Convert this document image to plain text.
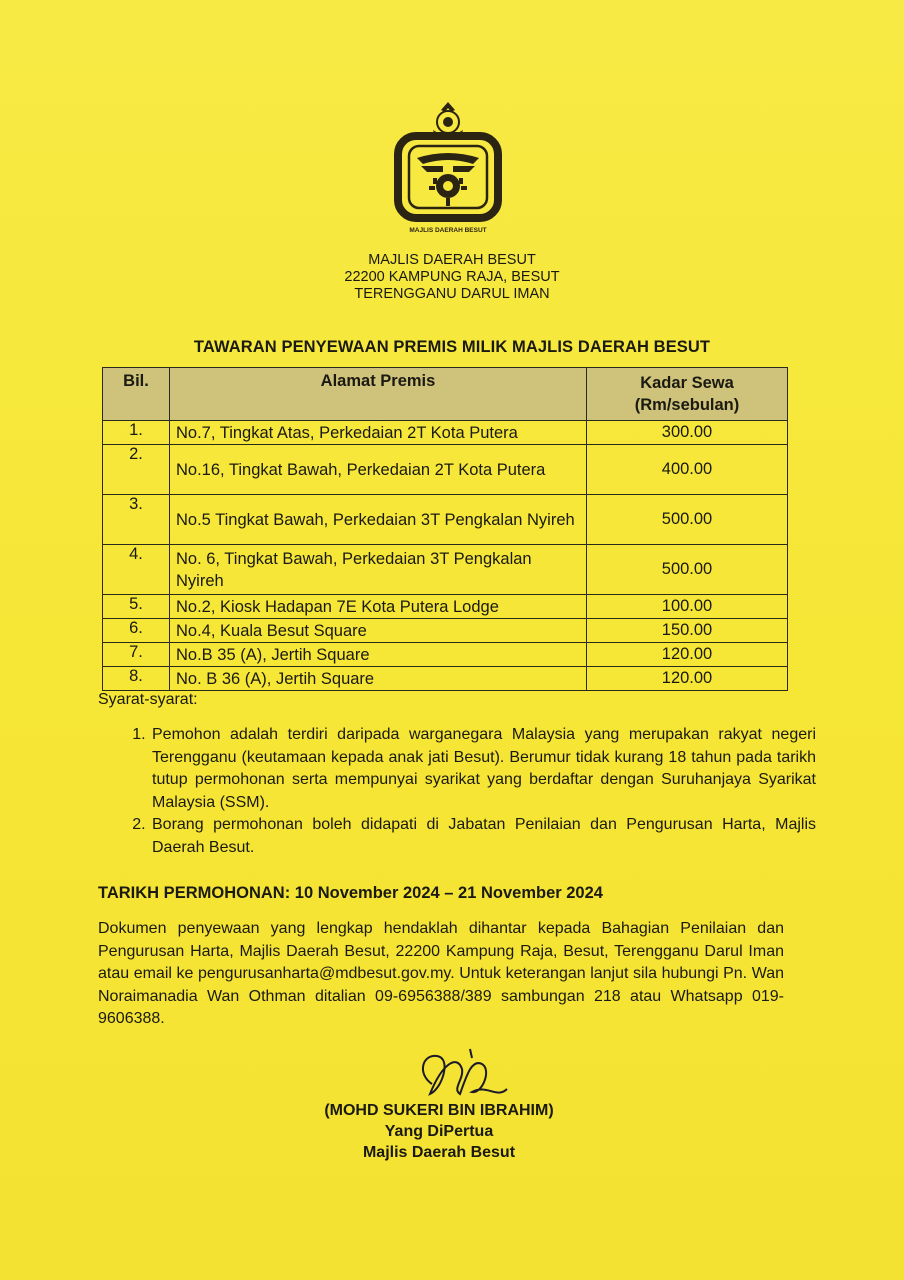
MAJLIS DAERAH BESUT
MAJLIS DAERAH BESUT
22200 KAMPUNG RAJA, BESUT
TERENGGANU DARUL IMAN
TAWARAN PENYEWAAN PREMIS MILIK MAJLIS DAERAH BESUT
Bil.	Alamat Premis	Kadar Sewa
(Rm/sebulan)

1.	No.7, Tingkat Atas, Perkedaian 2T Kota Putera	300.00
2.	No.16, Tingkat Bawah, Perkedaian 2T Kota Putera	400.00
3.	No.5 Tingkat Bawah, Perkedaian 3T Pengkalan Nyireh	500.00
4.	No. 6, Tingkat Bawah, Perkedaian 3T Pengkalan Nyireh	500.00
5.	No.2, Kiosk Hadapan 7E Kota Putera Lodge	100.00
6.	No.4, Kuala Besut Square	150.00
7.	No.B 35 (A), Jertih Square	120.00
8.	No. B 36 (A), Jertih Square	120.00
Syarat-syarat:
1. Pemohon adalah terdiri daripada warganegara Malaysia yang merupakan rakyat negeri Terengganu (keutamaan kepada anak jati Besut). Berumur tidak kurang 18 tahun pada tarikh tutup permohonan serta mempunyai syarikat yang berdaftar dengan Suruhanjaya Syarikat Malaysia (SSM).
2. Borang permohonan boleh didapati di Jabatan Penilaian dan Pengurusan Harta, Majlis Daerah Besut.
TARIKH PERMOHONAN: 10 November 2024 – 21 November 2024
Dokumen penyewaan yang lengkap hendaklah dihantar kepada Bahagian Penilaian dan Pengurusan Harta, Majlis Daerah Besut, 22200 Kampung Raja, Besut, Terengganu Darul Iman atau email ke pengurusanharta@mdbesut.gov.my. Untuk keterangan lanjut sila hubungi Pn. Wan Noraimanadia Wan Othman ditalian 09-6956388/389 sambungan 218 atau Whatsapp 019-9606388.
(MOHD SUKERI BIN IBRAHIM)
Yang DiPertua
Majlis Daerah Besut
